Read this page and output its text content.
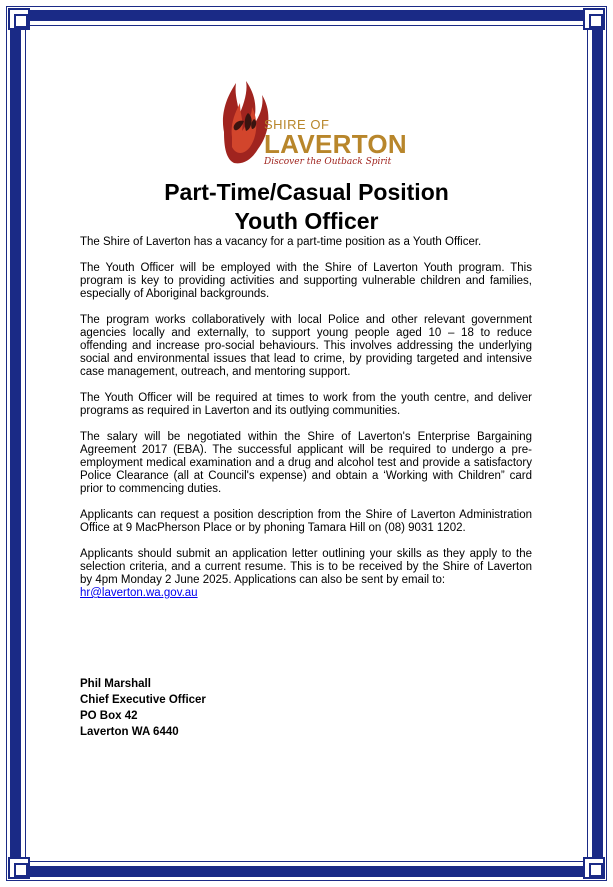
SHIRE OF
LAVERTON
Discover the Outback Spirit
Part-Time/Casual Position
Youth Officer

The Shire of Laverton has a vacancy for a part-time position as a Youth Officer.

The Youth Officer will be employed with the Shire of Laverton Youth program. This program is key to providing activities and supporting vulnerable children and families, especially of Aboriginal backgrounds.

The program works collaboratively with local Police and other relevant government agencies locally and externally, to support young people aged 10 – 18 to reduce offending and increase pro-social behaviours. This involves addressing the underlying social and environmental issues that lead to crime, by providing targeted and intensive case management, outreach, and mentoring support.

The Youth Officer will be required at times to work from the youth centre, and deliver programs as required in Laverton and its outlying communities.

The salary will be negotiated within the Shire of Laverton's Enterprise Bargaining Agreement 2017 (EBA). The successful applicant will be required to undergo a pre-employment medical examination and a drug and alcohol test and provide a satisfactory Police Clearance (all at Council's expense) and obtain a ‘Working with Children” card prior to commencing duties.

Applicants can request a position description from the Shire of Laverton Administration Office at 9 MacPherson Place or by phoning Tamara Hill on (08) 9031 1202.

Applicants should submit an application letter outlining your skills as they apply to the selection criteria, and a current resume. This is to be received by the Shire of Laverton by 4pm Monday 2 June 2025. Applications can also be sent by email to:
hr@laverton.wa.gov.au

Phil Marshall
Chief Executive Officer
PO Box 42
Laverton WA 6440
